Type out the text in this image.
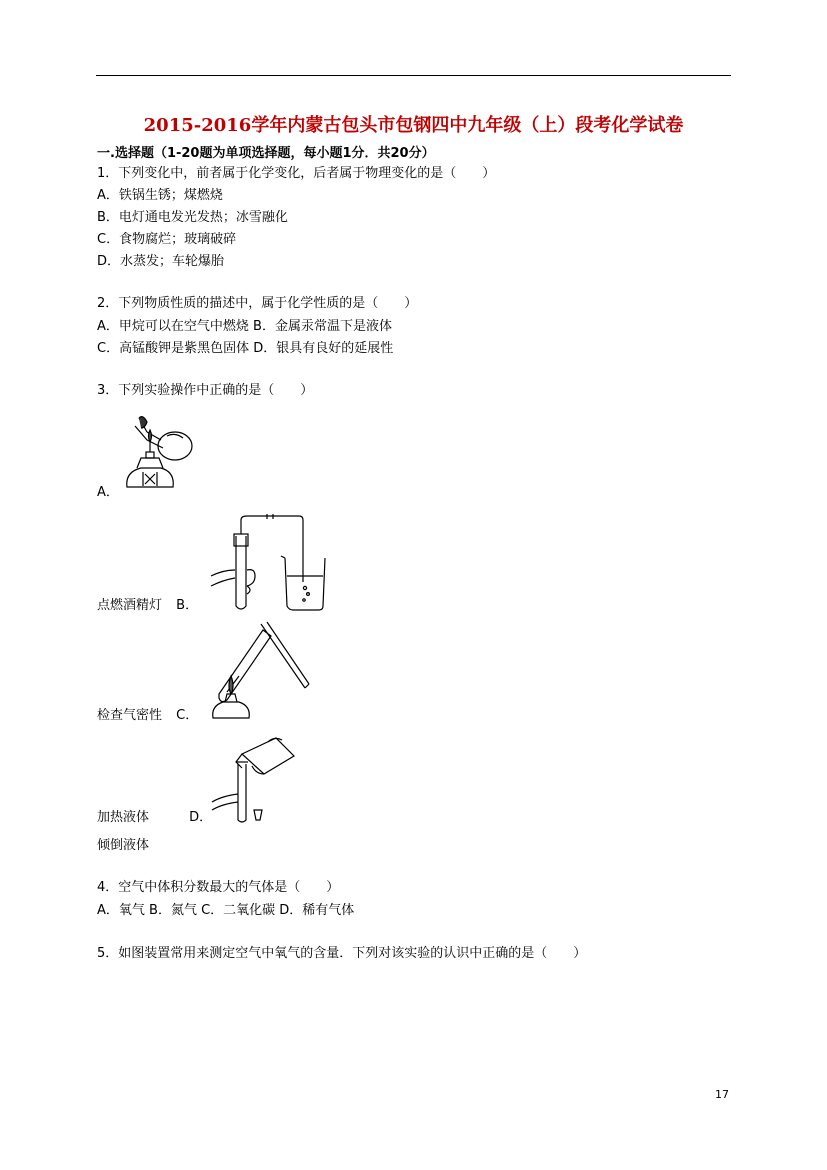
2015-2016学年内蒙古包头市包钢四中九年级（上）段考化学试卷
一.选择题（1-20题为单项选择题，每小题1分．共20分）
1．下列变化中，前者属于化学变化，后者属于物理变化的是（　　）
A．铁锅生锈；煤燃烧
B．电灯通电发光发热；冰雪融化
C．食物腐烂；玻璃破碎
D．水蒸发；车轮爆胎
2．下列物质性质的描述中，属于化学性质的是（　　）
A．甲烷可以在空气中燃烧 B．金属汞常温下是液体
C．高锰酸钾是紫黑色固体 D．银具有良好的延展性
3．下列实验操作中正确的是（　　）
A．
点燃酒精灯 B．
检查气密性 C．
加热液体	D．
倾倒液体
4．空气中体积分数最大的气体是（　　）
A．氧气 B．氮气 C．二氧化碳 D．稀有气体
5．如图装置常用来测定空气中氧气的含量．下列对该实验的认识中正确的是（　　）
17
